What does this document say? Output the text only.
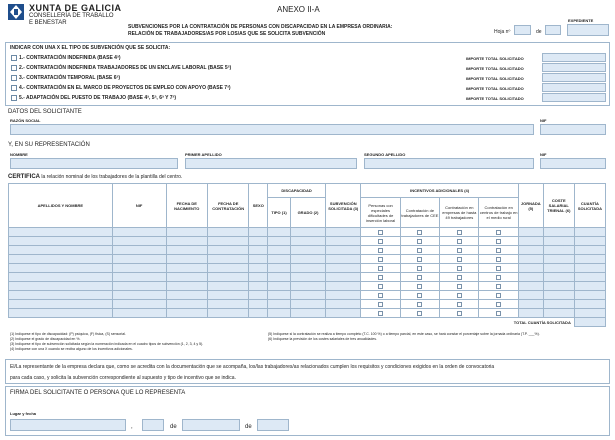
XUNTA DE GALICIA
CONSELLERÍA DE TRABALLO
E BENESTAR
ANEXO II-A
SUBVENCIONES POR LA CONTRATACIÓN DE PERSONAS CON DISCAPACIDAD EN LA EMPRESA ORDINARIA:
RELACIÓN DE TRABAJADORES/AS POR LOS/AS QUE SE SOLICITA SUBVENCIÓN
EXPEDIENTE
Hoja nº	de
INDICAR CON UNA X EL TIPO DE SUBVENCIÓN QUE SE SOLICITA:
1.- CONTRATACIÓN INDEFINIDA (BASE 4ª)
2.- CONTRATACIÓN INDEFINIDA TRABAJADORES DE UN ENCLAVE LABORAL (BASE 5ª)
3.- CONTRATACIÓN TEMPORAL (BASE 6ª)
4.- CONTRATACIÓN EN EL MARCO DE PROYECTOS DE EMPLEO CON APOYO (BASE 7ª)
5.- ADAPTACIÓN DEL PUESTO DE TRABAJO (BASE 4ª, 5ª, 6ª Y 7ª)
IMPORTE TOTAL SOLICITADO
IMPORTE TOTAL SOLICITADO
IMPORTE TOTAL SOLICITADO
IMPORTE TOTAL SOLICITADO
IMPORTE TOTAL SOLICITADO
DATOS DEL SOLICITANTE
RAZÓN SOCIAL	NIF
Y, EN SU REPRESENTACIÓN
NOMBRE	PRIMER APELLIDO	SEGUNDO APELLIDO	NIF
CERTIFICA la relación nominal de los trabajadores de la plantilla del centro.
APELLIDOS Y NOMBRE	NIF	FECHA DE NACIMIENTO	FECHA DE CONTRATACIÓN	SEXO	DISCAPACIDAD		SUBVENCIÓN SOLICITADA (3)	INCENTIVOS ADICIONALES (4)				JORNADA (5)	COSTE SALARIAL TRIENAL (6)	CUANTÍA SOLICITADA
					TIPO (1)	GRADO (2)		Personas con especiales dificultades de inserción laboral	Contratación de trabajadores de CEE	Contratación en empresas de hasta 49 trabajadores	Contratación en centros de trabajo en el medio rural			

TOTAL CUANTÍA SOLICITADA														
(1) Indíquese el tipo de discapacidad: (P) psíquica, (F) física, (S) sensorial.
(2) Indíquese el grado de discapacidad en %.
(3) Indíquese el tipo de subvención solicitada según la numeración indicada en el cuadro tipos de subvención (1, 2, 3, 4 y 5).
(4) Indíquese con una X cuando se reciba alguno de los incentivos adicionales.
(5) Indíquese si la contratación se realiza a tiempo completo (T.C. 100 %) o a tiempo parcial, en este caso, se hará constar el porcentaje sobre la jornada ordinaria (T.P. ___%).
(6) Indíquese la previsión de los costes salariales de tres anualidades.
El/La representante de la empresa declara que, como se acredita con la documentación que se acompaña, los/las trabajadores/as relacionados cumplen los requisitos y condiciones exigidos en la orden de convocatoria
para cada caso, y solicita la subvención correspondiente al supuesto y tipo de incentivo que se indica.
FIRMA DEL SOLICITANTE O PERSONA QUE LO REPRESENTA
Lugar y fecha
,	de	de
